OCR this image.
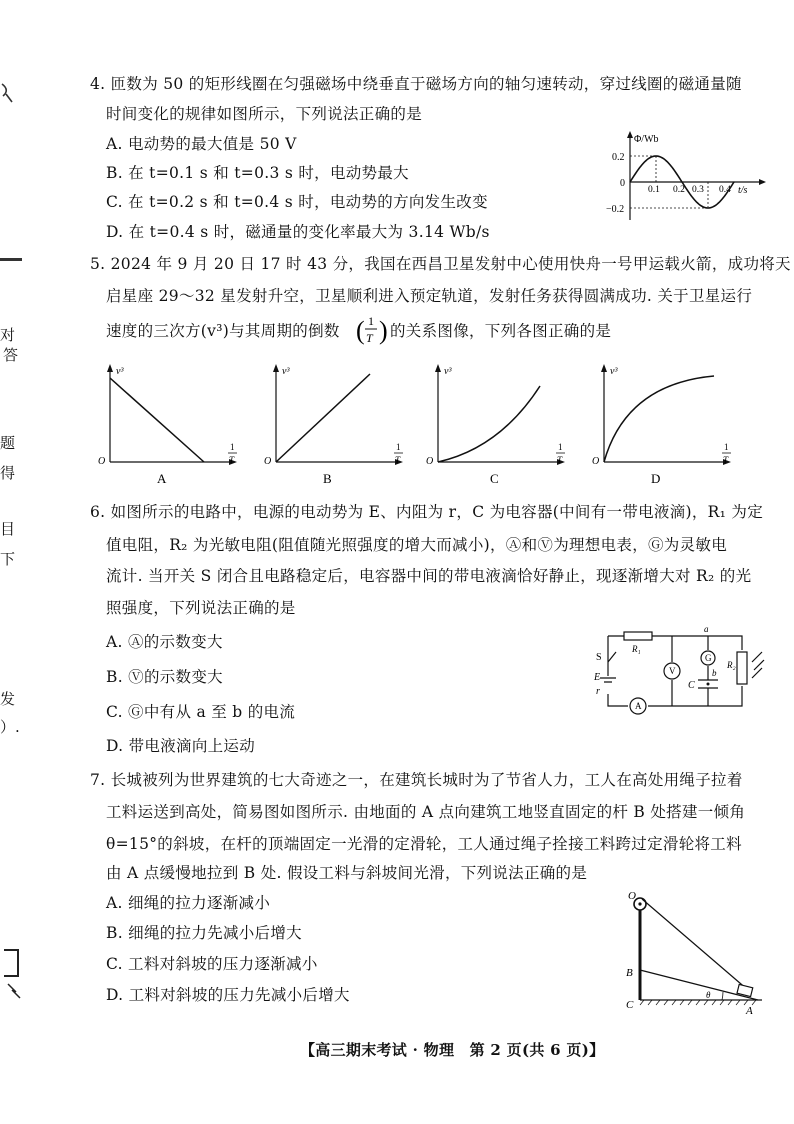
对
答
题
得
目
下
发
）.
4. 匝数为 50 的矩形线圈在匀强磁场中绕垂直于磁场方向的轴匀速转动，穿过线圈的磁通量随
时间变化的规律如图所示，下列说法正确的是
A. 电动势的最大值是 50 V
B. 在 t=0.1 s 和 t=0.3 s 时，电动势最大
C. 在 t=0.2 s 和 t=0.4 s 时，电动势的方向发生改变
D. 在 t=0.4 s 时，磁通量的变化率最大为 3.14 Wb/s
Φ/Wb
t/s
0
0.2
−0.2
0.1 0.2 0.3 0.4
5. 2024 年 9 月 20 日 17 时 43 分，我国在西昌卫星发射中心使用快舟一号甲运载火箭，成功将天
启星座 29～32 星发射升空，卫星顺利进入预定轨道，发射任务获得圆满成功. 关于卫星运行
速度的三次方(v³)与其周期的倒数 ( 1
T ) 的关系图像，下列各图正确的是
v³
O
1
T
A
v³
O
1
T
B
v³
O
1
T
C
v³
O
1
T
D
6. 如图所示的电路中，电源的电动势为 E、内阻为 r，C 为电容器(中间有一带电液滴)，R₁ 为定
值电阻，R₂ 为光敏电阻(阻值随光照强度的增大而减小)，Ⓐ和Ⓥ为理想电表，Ⓖ为灵敏电
流计. 当开关 S 闭合且电路稳定后，电容器中间的带电液滴恰好静止，现逐渐增大对 R₂ 的光
照强度，下列说法正确的是
A. Ⓐ的示数变大
B. Ⓥ的示数变大
C. Ⓖ中有从 a 至 b 的电流
D. 带电液滴向上运动
S
E
r
R₁
R₂
V
G
A
C
a
b
7. 长城被列为世界建筑的七大奇迹之一，在建筑长城时为了节省人力，工人在高处用绳子拉着
工料运送到高处，简易图如图所示. 由地面的 A 点向建筑工地竖直固定的杆 B 处搭建一倾角
θ=15°的斜坡，在杆的顶端固定一光滑的定滑轮，工人通过绳子拴接工料跨过定滑轮将工料
由 A 点缓慢地拉到 B 处. 假设工料与斜坡间光滑，下列说法正确的是
A. 细绳的拉力逐渐减小
B. 细绳的拉力先减小后增大
C. 工料对斜坡的压力逐渐减小
D. 工料对斜坡的压力先减小后增大
O
B
C	A
θ
【高三期末考试 · 物理　第 2 页(共 6 页)】
